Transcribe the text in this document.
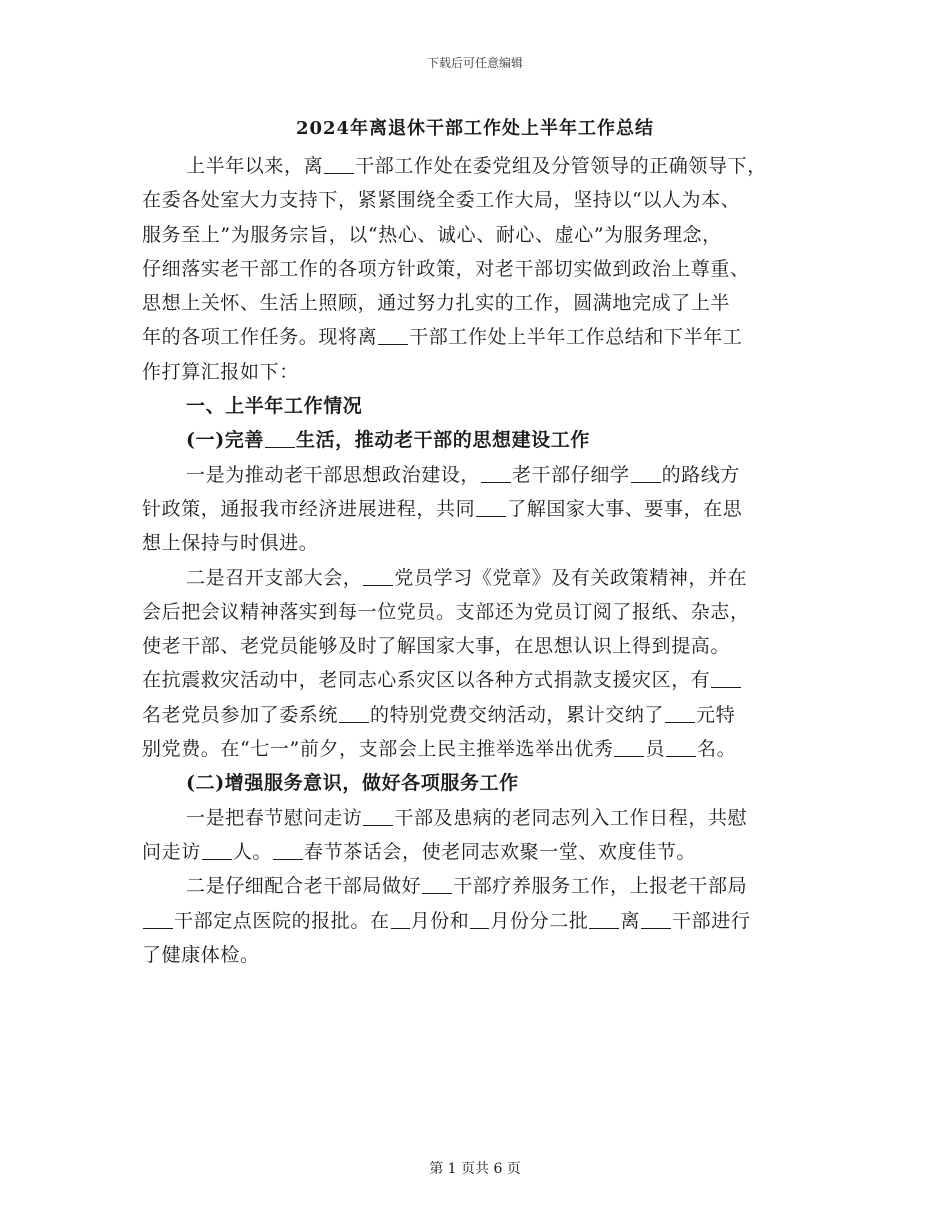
下载后可任意编辑
2024年离退休干部工作处上半年工作总结
上半年以来，离 干部工作处在委党组及分管领导的正确领导下，
在委各处室大力支持下，紧紧围绕全委工作大局，坚持以“以人为本、
服务至上”为服务宗旨，以“热心、诚心、耐心、虚心”为服务理念，
仔细落实老干部工作的各项方针政策，对老干部切实做到政治上尊重、
思想上关怀、生活上照顾，通过努力扎实的工作，圆满地完成了上半
年的各项工作任务。现将离 干部工作处上半年工作总结和下半年工
作打算汇报如下：
一、上半年工作情况
(一)完善 生活，推动老干部的思想建设工作
一是为推动老干部思想政治建设， 老干部仔细学 的路线方
针政策，通报我市经济进展进程，共同 了解国家大事、要事，在思
想上保持与时俱进。
二是召开支部大会， 党员学习《党章》及有关政策精神，并在
会后把会议精神落实到每一位党员。支部还为党员订阅了报纸、杂志，
使老干部、老党员能够及时了解国家大事，在思想认识上得到提高。
在抗震救灾活动中，老同志心系灾区以各种方式捐款支援灾区，有
名老党员参加了委系统 的特别党费交纳活动，累计交纳了 元特
别党费。在“七一”前夕，支部会上民主推举选举出优秀 员 名。
(二)增强服务意识，做好各项服务工作
一是把春节慰问走访 干部及患病的老同志列入工作日程，共慰
问走访 人。 春节茶话会，使老同志欢聚一堂、欢度佳节。
二是仔细配合老干部局做好 干部疗养服务工作，上报老干部局
干部定点医院的报批。在 月份和 月份分二批 离 干部进行
了健康体检。
第 1 页共 6 页
